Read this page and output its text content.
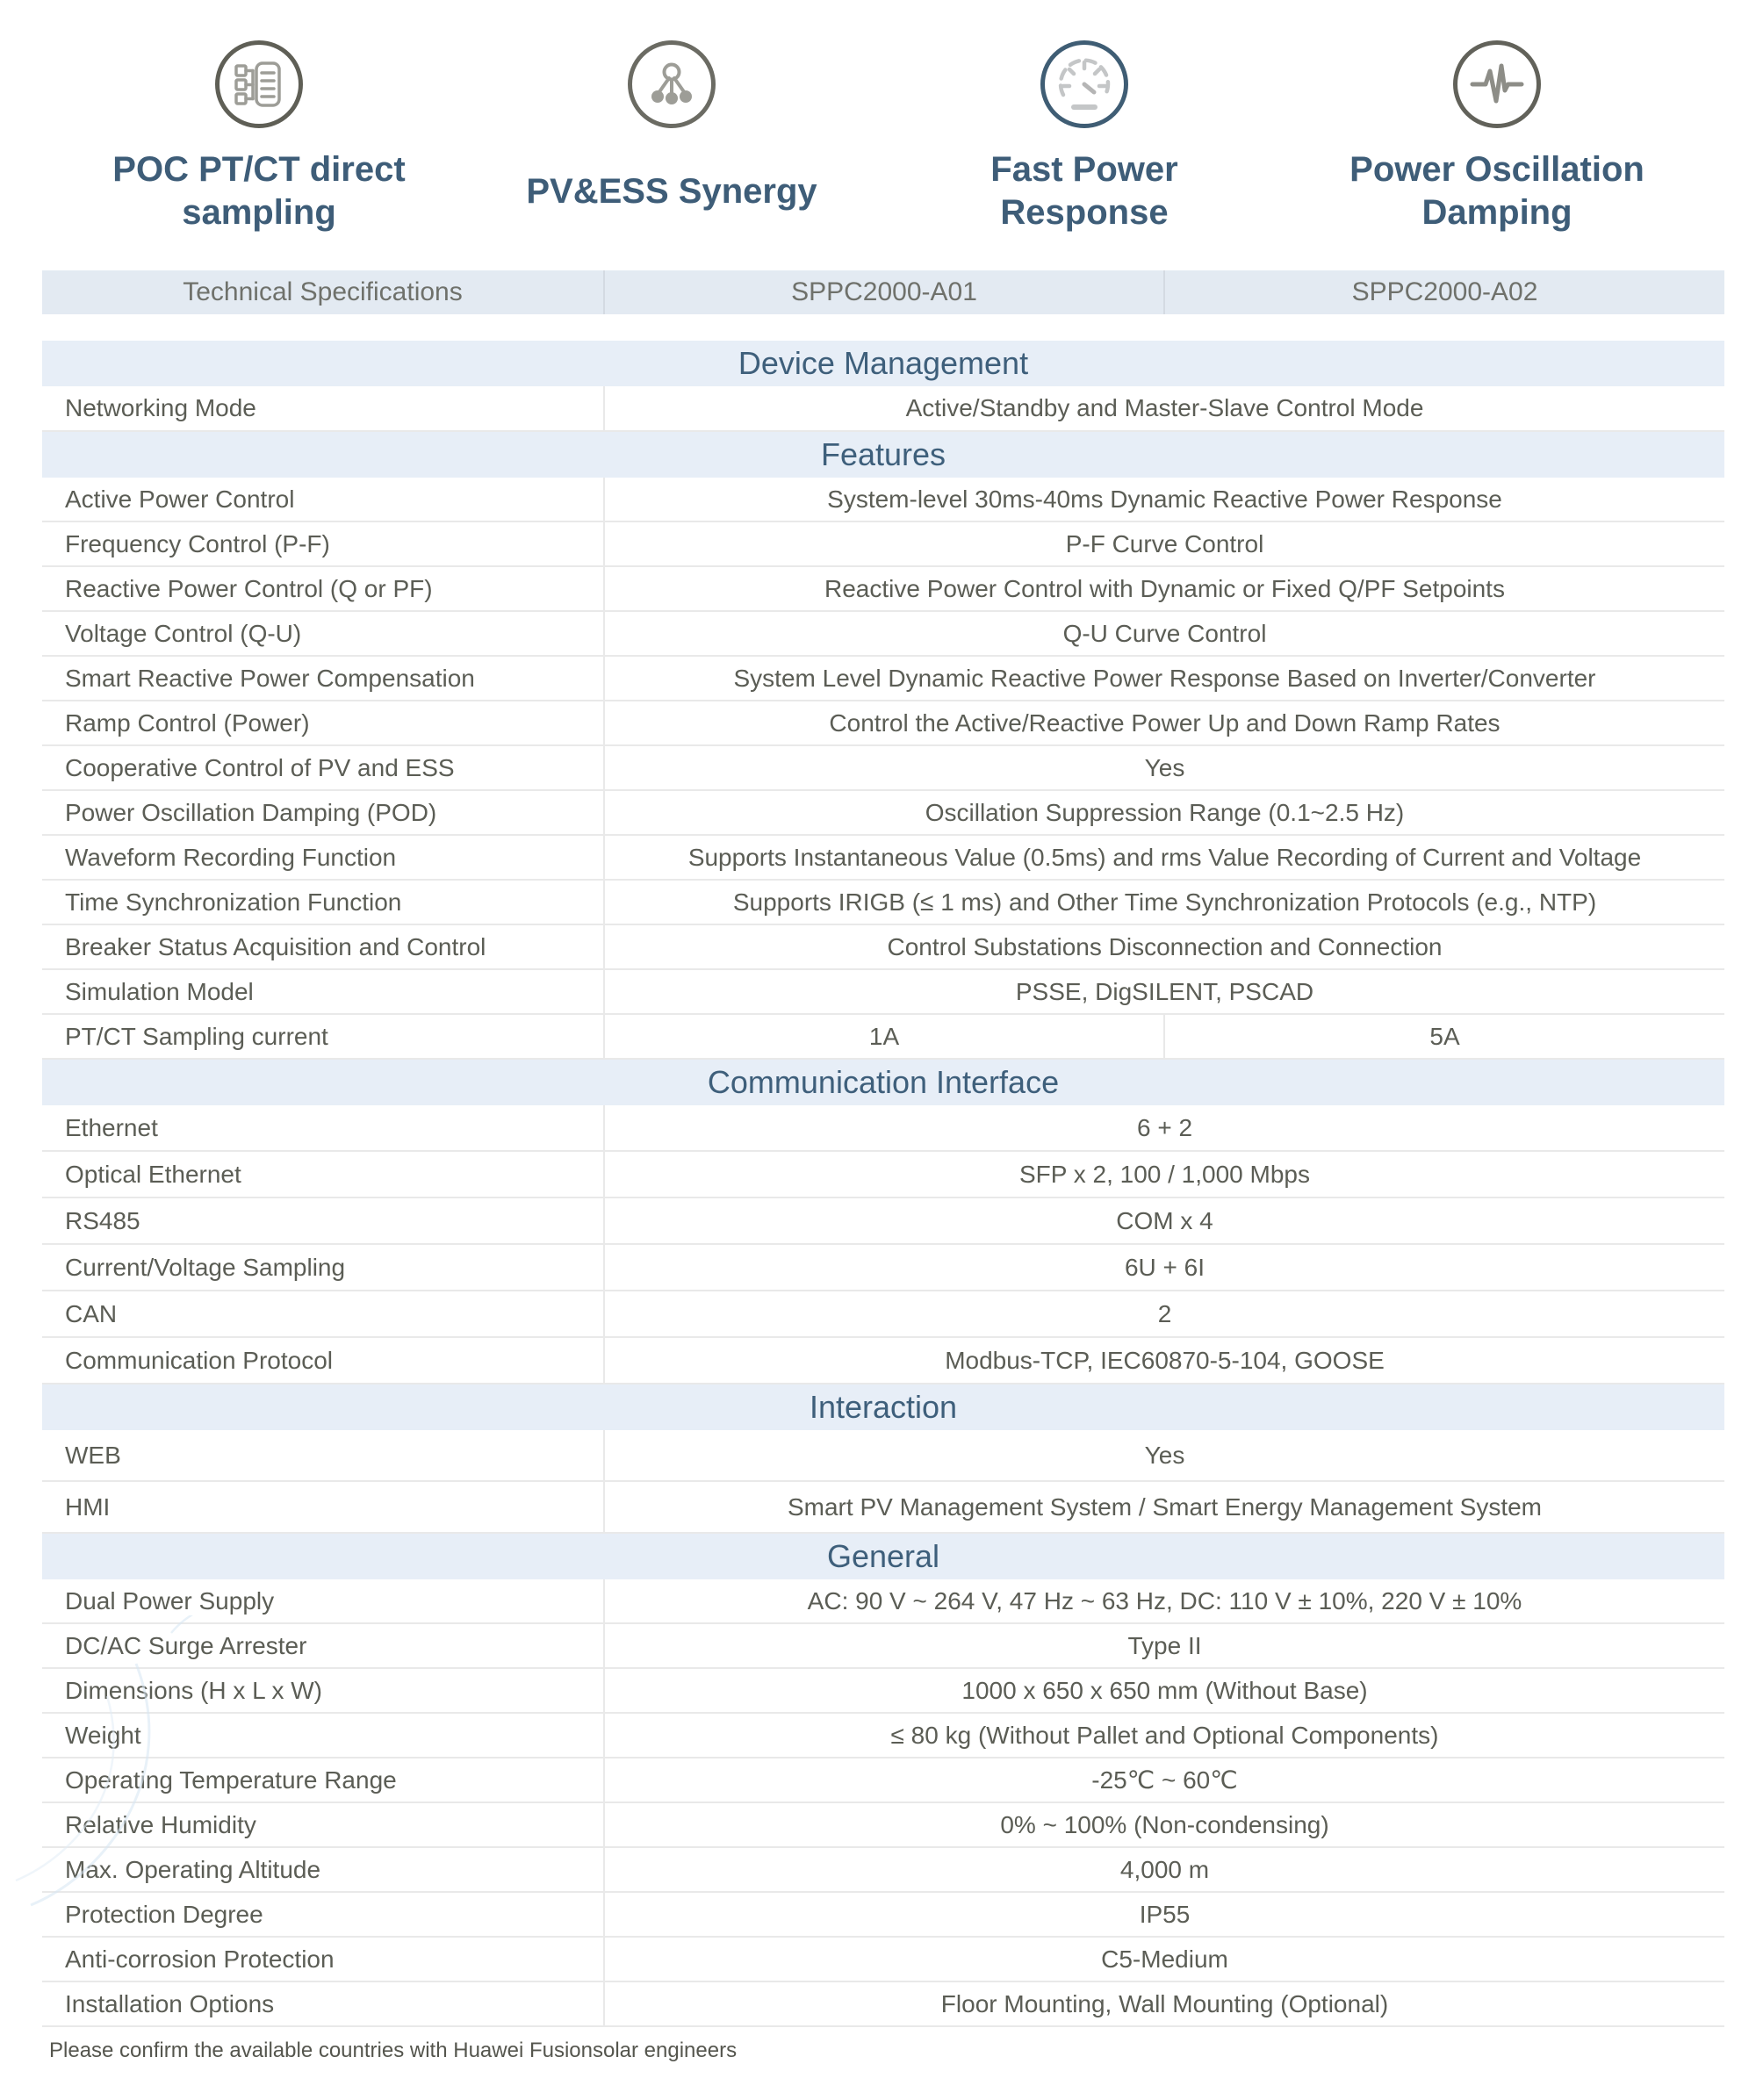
POC PT/CT direct sampling
PV&ESS Synergy
Fast Power Response
Power Oscillation Damping
Technical Specifications	SPPC2000-A01	SPPC2000-A02
Device Management
Networking Mode	Active/Standby and Master-Slave Control Mode
Features
Active Power Control	System-level 30ms-40ms Dynamic Reactive Power Response
Frequency Control (P-F)	P-F Curve Control
Reactive Power Control (Q or PF)	Reactive Power Control with Dynamic or Fixed Q/PF Setpoints
Voltage Control (Q-U)	Q-U Curve Control
Smart Reactive Power Compensation	System Level Dynamic Reactive Power Response Based on Inverter/Converter
Ramp Control (Power)	Control the Active/Reactive Power Up and Down Ramp Rates
Cooperative Control of PV and ESS	Yes
Power Oscillation Damping (POD)	Oscillation Suppression Range (0.1~2.5 Hz)
Waveform Recording Function	Supports Instantaneous Value (0.5ms) and rms Value Recording of Current and Voltage
Time Synchronization Function	Supports IRIGB (≤ 1 ms) and Other Time Synchronization Protocols (e.g., NTP)
Breaker Status Acquisition and Control	Control Substations Disconnection and Connection
Simulation Model	PSSE, DigSILENT, PSCAD
PT/CT Sampling current	1A	5A
Communication Interface
Ethernet	6 + 2
Optical Ethernet	SFP x 2, 100 / 1,000 Mbps
RS485	COM x 4
Current/Voltage Sampling	6U + 6I
CAN	2
Communication Protocol	Modbus-TCP, IEC60870-5-104, GOOSE
Interaction
WEB	Yes
HMI	Smart PV Management System / Smart Energy Management System
General
Dual Power Supply	AC: 90 V ~ 264 V, 47 Hz ~ 63 Hz, DC: 110 V ± 10%, 220 V ± 10%
DC/AC Surge Arrester	Type II
Dimensions (H x L x W)	1000 x 650 x 650 mm (Without Base)
Weight	≤ 80 kg (Without Pallet and Optional Components)
Operating Temperature Range	-25℃ ~ 60℃
Relative Humidity	0% ~ 100% (Non-condensing)
Max. Operating Altitude	4,000 m
Protection Degree	IP55
Anti-corrosion Protection	C5-Medium
Installation Options	Floor Mounting, Wall Mounting (Optional)
Please confirm the available countries with Huawei Fusionsolar engineers
